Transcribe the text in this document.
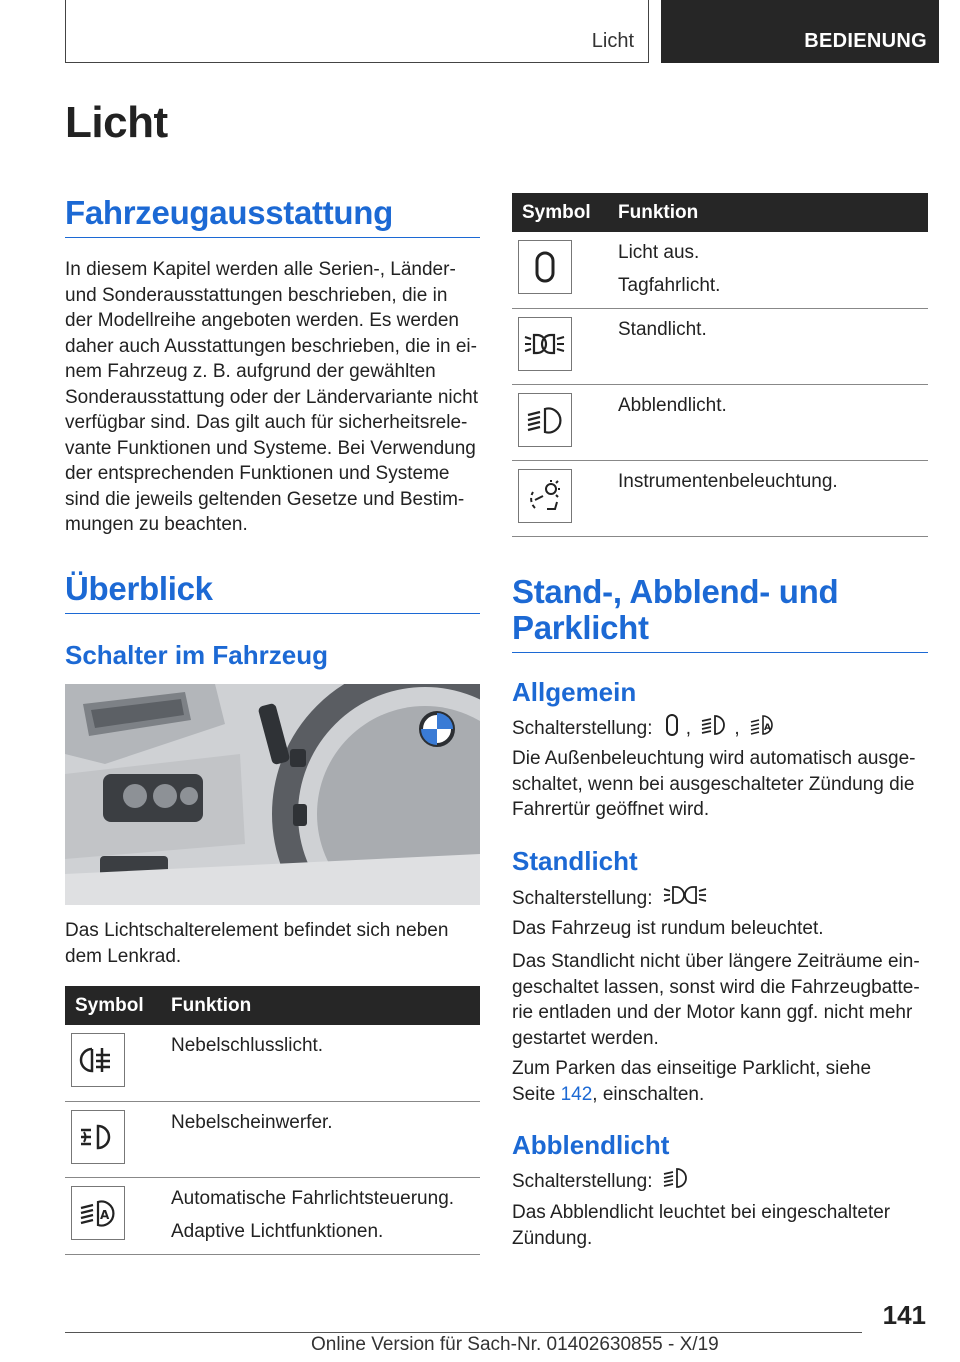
Licht	BEDIENUNG
Licht
Fahrzeugausstattung

In diesem Kapitel werden alle Serien-, Länder- und Sonderausstattungen beschrieben, die in der Modellreihe angeboten werden. Es werden daher auch Ausstattungen beschrieben, die in einem Fahrzeug z. B. aufgrund der gewählten Sonderausstattung oder der Ländervariante nicht verfügbar sind. Das gilt auch für sicherheitsrelevante Funktionen und Systeme. Bei Verwendung der entsprechenden Funktionen und Systeme sind die jeweils geltenden Gesetze und Bestimmungen zu beachten.

Überblick
Schalter im Fahrzeug

Das Lichtschalterelement befindet sich neben dem Lenkrad.

Symbol	Funktion

Nebelschlusslicht.

Nebelscheinwerfer.

A	Automatische Fahrlichtsteuerung.
Adaptive Lichtfunktionen.
Symbol	Funktion

Licht aus.
Tagfahrlicht.

Standlicht.

Abblendlicht.

Instrumentenbeleuchtung.
Stand-, Abblend- und Parklicht
Allgemein

Schalterstellung: , ,	A

Die Außenbeleuchtung wird automatisch ausgeschaltet, wenn bei ausgeschalteter Zündung die Fahrertür geöffnet wird.

Standlicht

Schalterstellung:

Das Fahrzeug ist rundum beleuchtet.

Das Standlicht nicht über längere Zeiträume eingeschaltet lassen, sonst wird die Fahrzeugbatterie entladen und der Motor kann ggf. nicht mehr gestartet werden.

Zum Parken das einseitige Parklicht, siehe Seite 142, einschalten.

Abblendlicht

Schalterstellung:

Das Abblendlicht leuchtet bei eingeschalteter Zündung.

141
Online Version für Sach-Nr. 01402630855 - X/19
